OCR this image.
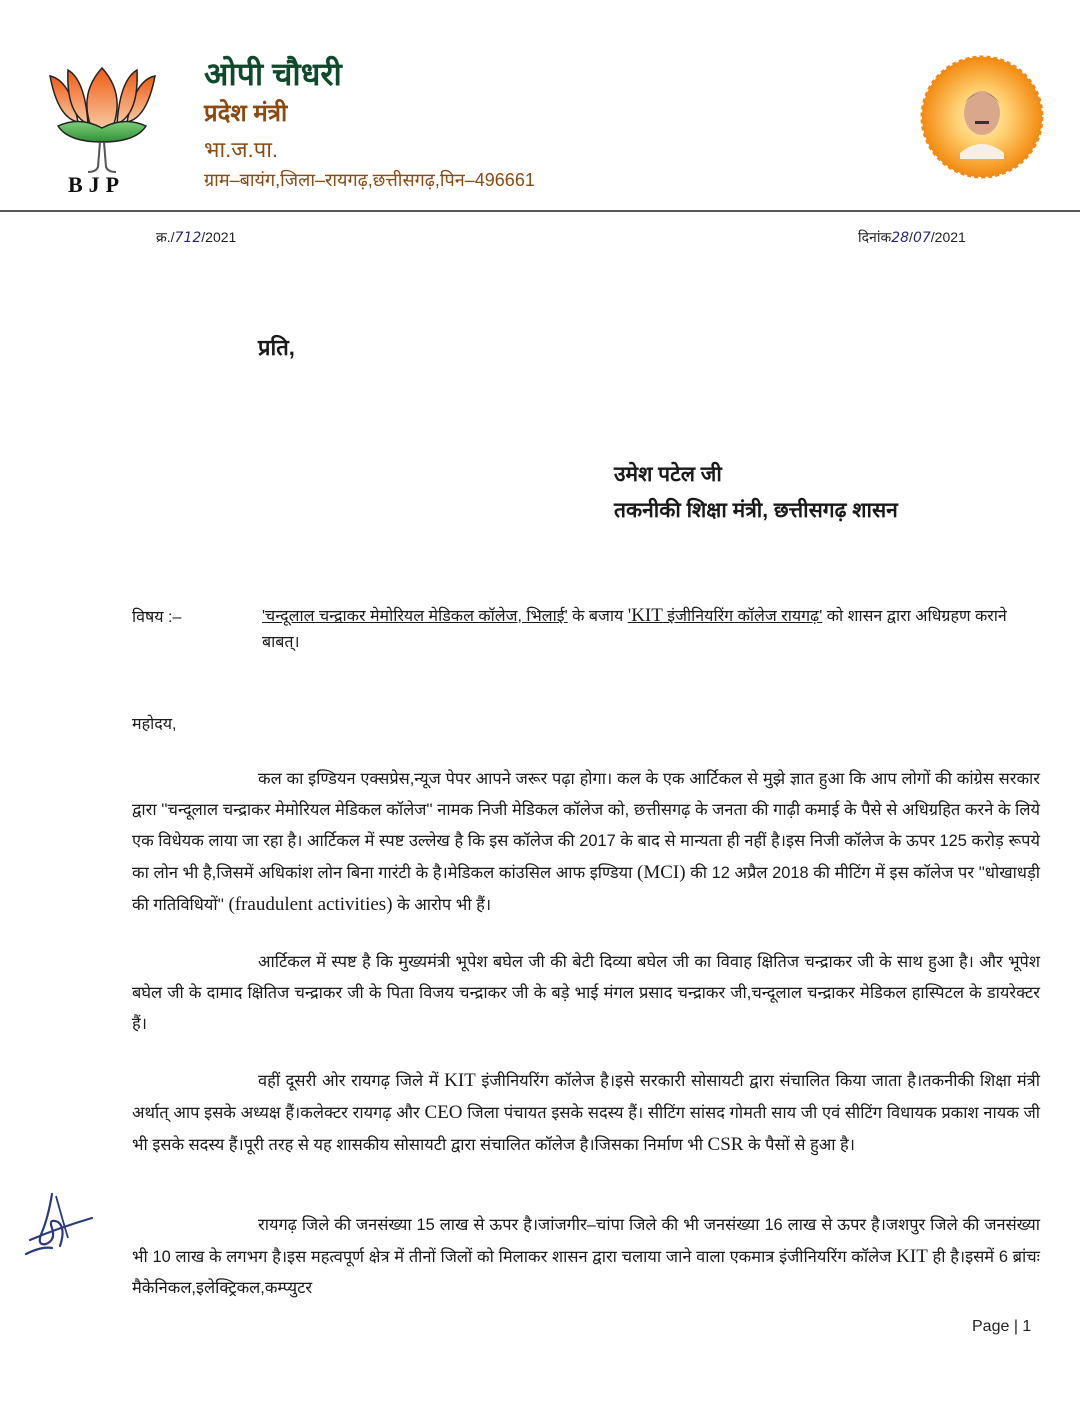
BJP
ओपी चौधरी
प्रदेश मंत्री
भा.ज.पा.
ग्राम–बायंग,जिला–रायगढ़,छत्तीसगढ़,पिन–496661
क्र./712/2021	दिनांक28/07/2021
प्रति,
उमेश पटेल जी
तकनीकी शिक्षा मंत्री, छत्तीसगढ़ शासन
विषय :–	'चन्दूलाल चन्द्राकर मेमोरियल मेडिकल कॉलेज, भिलाई' के बजाय 'KIT इंजीनियरिंग कॉलेज रायगढ़' को शासन द्वारा अधिग्रहण कराने बाबत्।
महोदय,
कल का इण्डियन एक्सप्रेस,न्यूज पेपर आपने जरूर पढ़ा होगा। कल के एक आर्टिकल से मुझे ज्ञात हुआ कि आप लोगों की कांग्रेस सरकार द्वारा ''चन्दूलाल चन्द्राकर मेमोरियल मेडिकल कॉलेज'' नामक निजी मेडिकल कॉलेज को, छत्तीसगढ़ के जनता की गाढ़ी कमाई के पैसे से अधिग्रहित करने के लिये एक विधेयक लाया जा रहा है। आर्टिकल में स्पष्ट उल्लेख है कि इस कॉलेज की 2017 के बाद से मान्यता ही नहीं है।इस निजी कॉलेज के ऊपर 125 करोड़ रूपये का लोन भी है,जिसमें अधिकांश लोन बिना गारंटी के है।मेडिकल कांउसिल आफ इण्डिया (MCI) की 12 अप्रैल 2018 की मीटिंग में इस कॉलेज पर ''धोखाधड़ी की गतिविधियों'' (fraudulent activities) के आरोप भी हैं।
आर्टिकल में स्पष्ट है कि मुख्यमंत्री भूपेश बघेल जी की बेटी दिव्या बघेल जी का विवाह क्षितिज चन्द्राकर जी के साथ हुआ है। और भूपेश बघेल जी के दामाद क्षितिज चन्द्राकर जी के पिता विजय चन्द्राकर जी के बड़े भाई मंगल प्रसाद चन्द्राकर जी,चन्दूलाल चन्द्राकर मेडिकल हास्पिटल के डायरेक्टर हैं।
वहीं दूसरी ओर रायगढ़ जिले में KIT इंजीनियरिंग कॉलेज है।इसे सरकारी सोसायटी द्वारा संचालित किया जाता है।तकनीकी शिक्षा मंत्री अर्थात् आप इसके अध्यक्ष हैं।कलेक्टर रायगढ़ और CEO जिला पंचायत इसके सदस्य हैं। सीटिंग सांसद गोमती साय जी एवं सीटिंग विधायक प्रकाश नायक जी भी इसके सदस्य हैं।पूरी तरह से यह शासकीय सोसायटी द्वारा संचालित कॉलेज है।जिसका निर्माण भी CSR के पैसों से हुआ है।
रायगढ़ जिले की जनसंख्या 15 लाख से ऊपर है।जांजगीर–चांपा जिले की भी जनसंख्या 16 लाख से ऊपर है।जशपुर जिले की जनसंख्या भी 10 लाख के लगभग है।इस महत्वपूर्ण क्षेत्र में तीनों जिलों को मिलाकर शासन द्वारा चलाया जाने वाला एकमात्र इंजीनियरिंग कॉलेज KIT ही है।इसमें 6 ब्रांचः मैकेनिकल,इलेक्ट्रिकल,कम्प्युटर
Page | 1
